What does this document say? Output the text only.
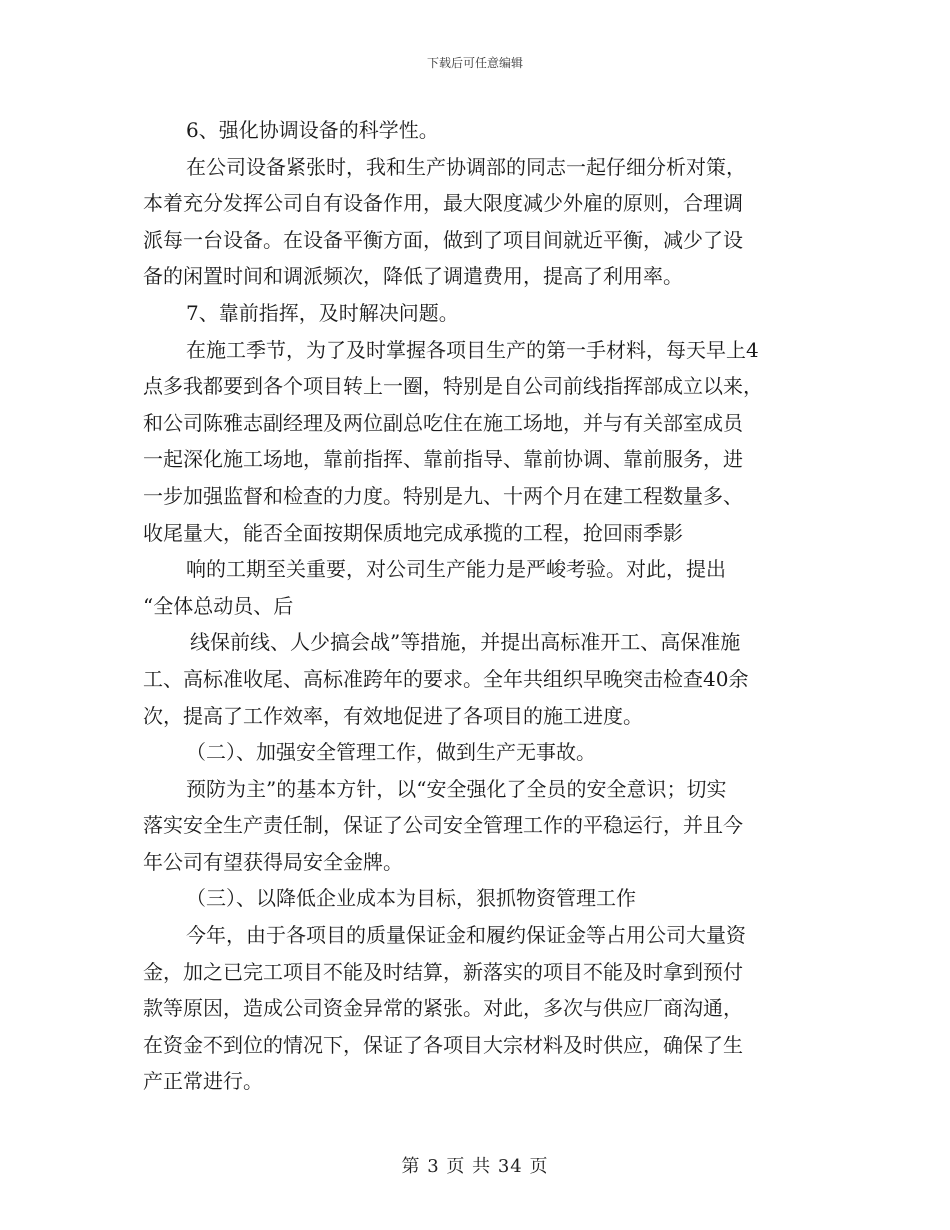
下载后可任意编辑
6、强化协调设备的科学性。
在公司设备紧张时，我和生产协调部的同志一起仔细分析对策，
本着充分发挥公司自有设备作用，最大限度减少外雇的原则，合理调
派每一台设备。在设备平衡方面，做到了项目间就近平衡，减少了设
备的闲置时间和调派频次，降低了调遣费用，提高了利用率。
7、靠前指挥，及时解决问题。
在施工季节，为了及时掌握各项目生产的第一手材料，每天早上4
点多我都要到各个项目转上一圈，特别是自公司前线指挥部成立以来，
和公司陈雅志副经理及两位副总吃住在施工场地，并与有关部室成员
一起深化施工场地，靠前指挥、靠前指导、靠前协调、靠前服务，进
一步加强监督和检查的力度。特别是九、十两个月在建工程数量多、
收尾量大，能否全面按期保质地完成承揽的工程，抢回雨季影
响的工期至关重要，对公司生产能力是严峻考验。对此，提出
“全体总动员、后
线保前线、人少搞会战”等措施，并提出高标准开工、高保准施
工、高标准收尾、高标准跨年的要求。全年共组织早晚突击检查40余
次，提高了工作效率，有效地促进了各项目的施工进度。
（二）、加强安全管理工作，做到生产无事故。
预防为主”的基本方针，以“安全强化了全员的安全意识；切实
落实安全生产责任制，保证了公司安全管理工作的平稳运行，并且今
年公司有望获得局安全金牌。
（三）、以降低企业成本为目标，狠抓物资管理工作
今年，由于各项目的质量保证金和履约保证金等占用公司大量资
金，加之已完工项目不能及时结算，新落实的项目不能及时拿到预付
款等原因，造成公司资金异常的紧张。对此，多次与供应厂商沟通，
在资金不到位的情况下，保证了各项目大宗材料及时供应，确保了生
产正常进行。
第 3 页 共 34 页
